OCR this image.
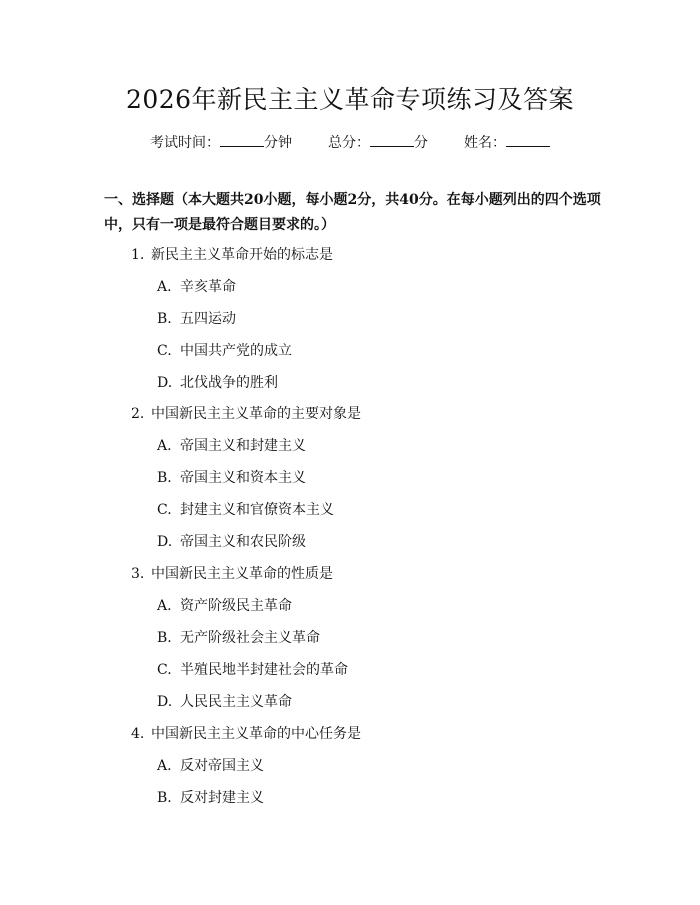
2026年新民主主义革命专项练习及答案
考试时间：	分钟	总分：	分	姓名：
一、选择题（本大题共20小题，每小题2分，共40分。在每小题列出的四个选项中，只有一项是最符合题目要求的。）
1. 新民主主义革命开始的标志是
A. 辛亥革命
B. 五四运动
C. 中国共产党的成立
D. 北伐战争的胜利
2. 中国新民主主义革命的主要对象是
A. 帝国主义和封建主义
B. 帝国主义和资本主义
C. 封建主义和官僚资本主义
D. 帝国主义和农民阶级
3. 中国新民主主义革命的性质是
A. 资产阶级民主革命
B. 无产阶级社会主义革命
C. 半殖民地半封建社会的革命
D. 人民民主主义革命
4. 中国新民主主义革命的中心任务是
A. 反对帝国主义
B. 反对封建主义
